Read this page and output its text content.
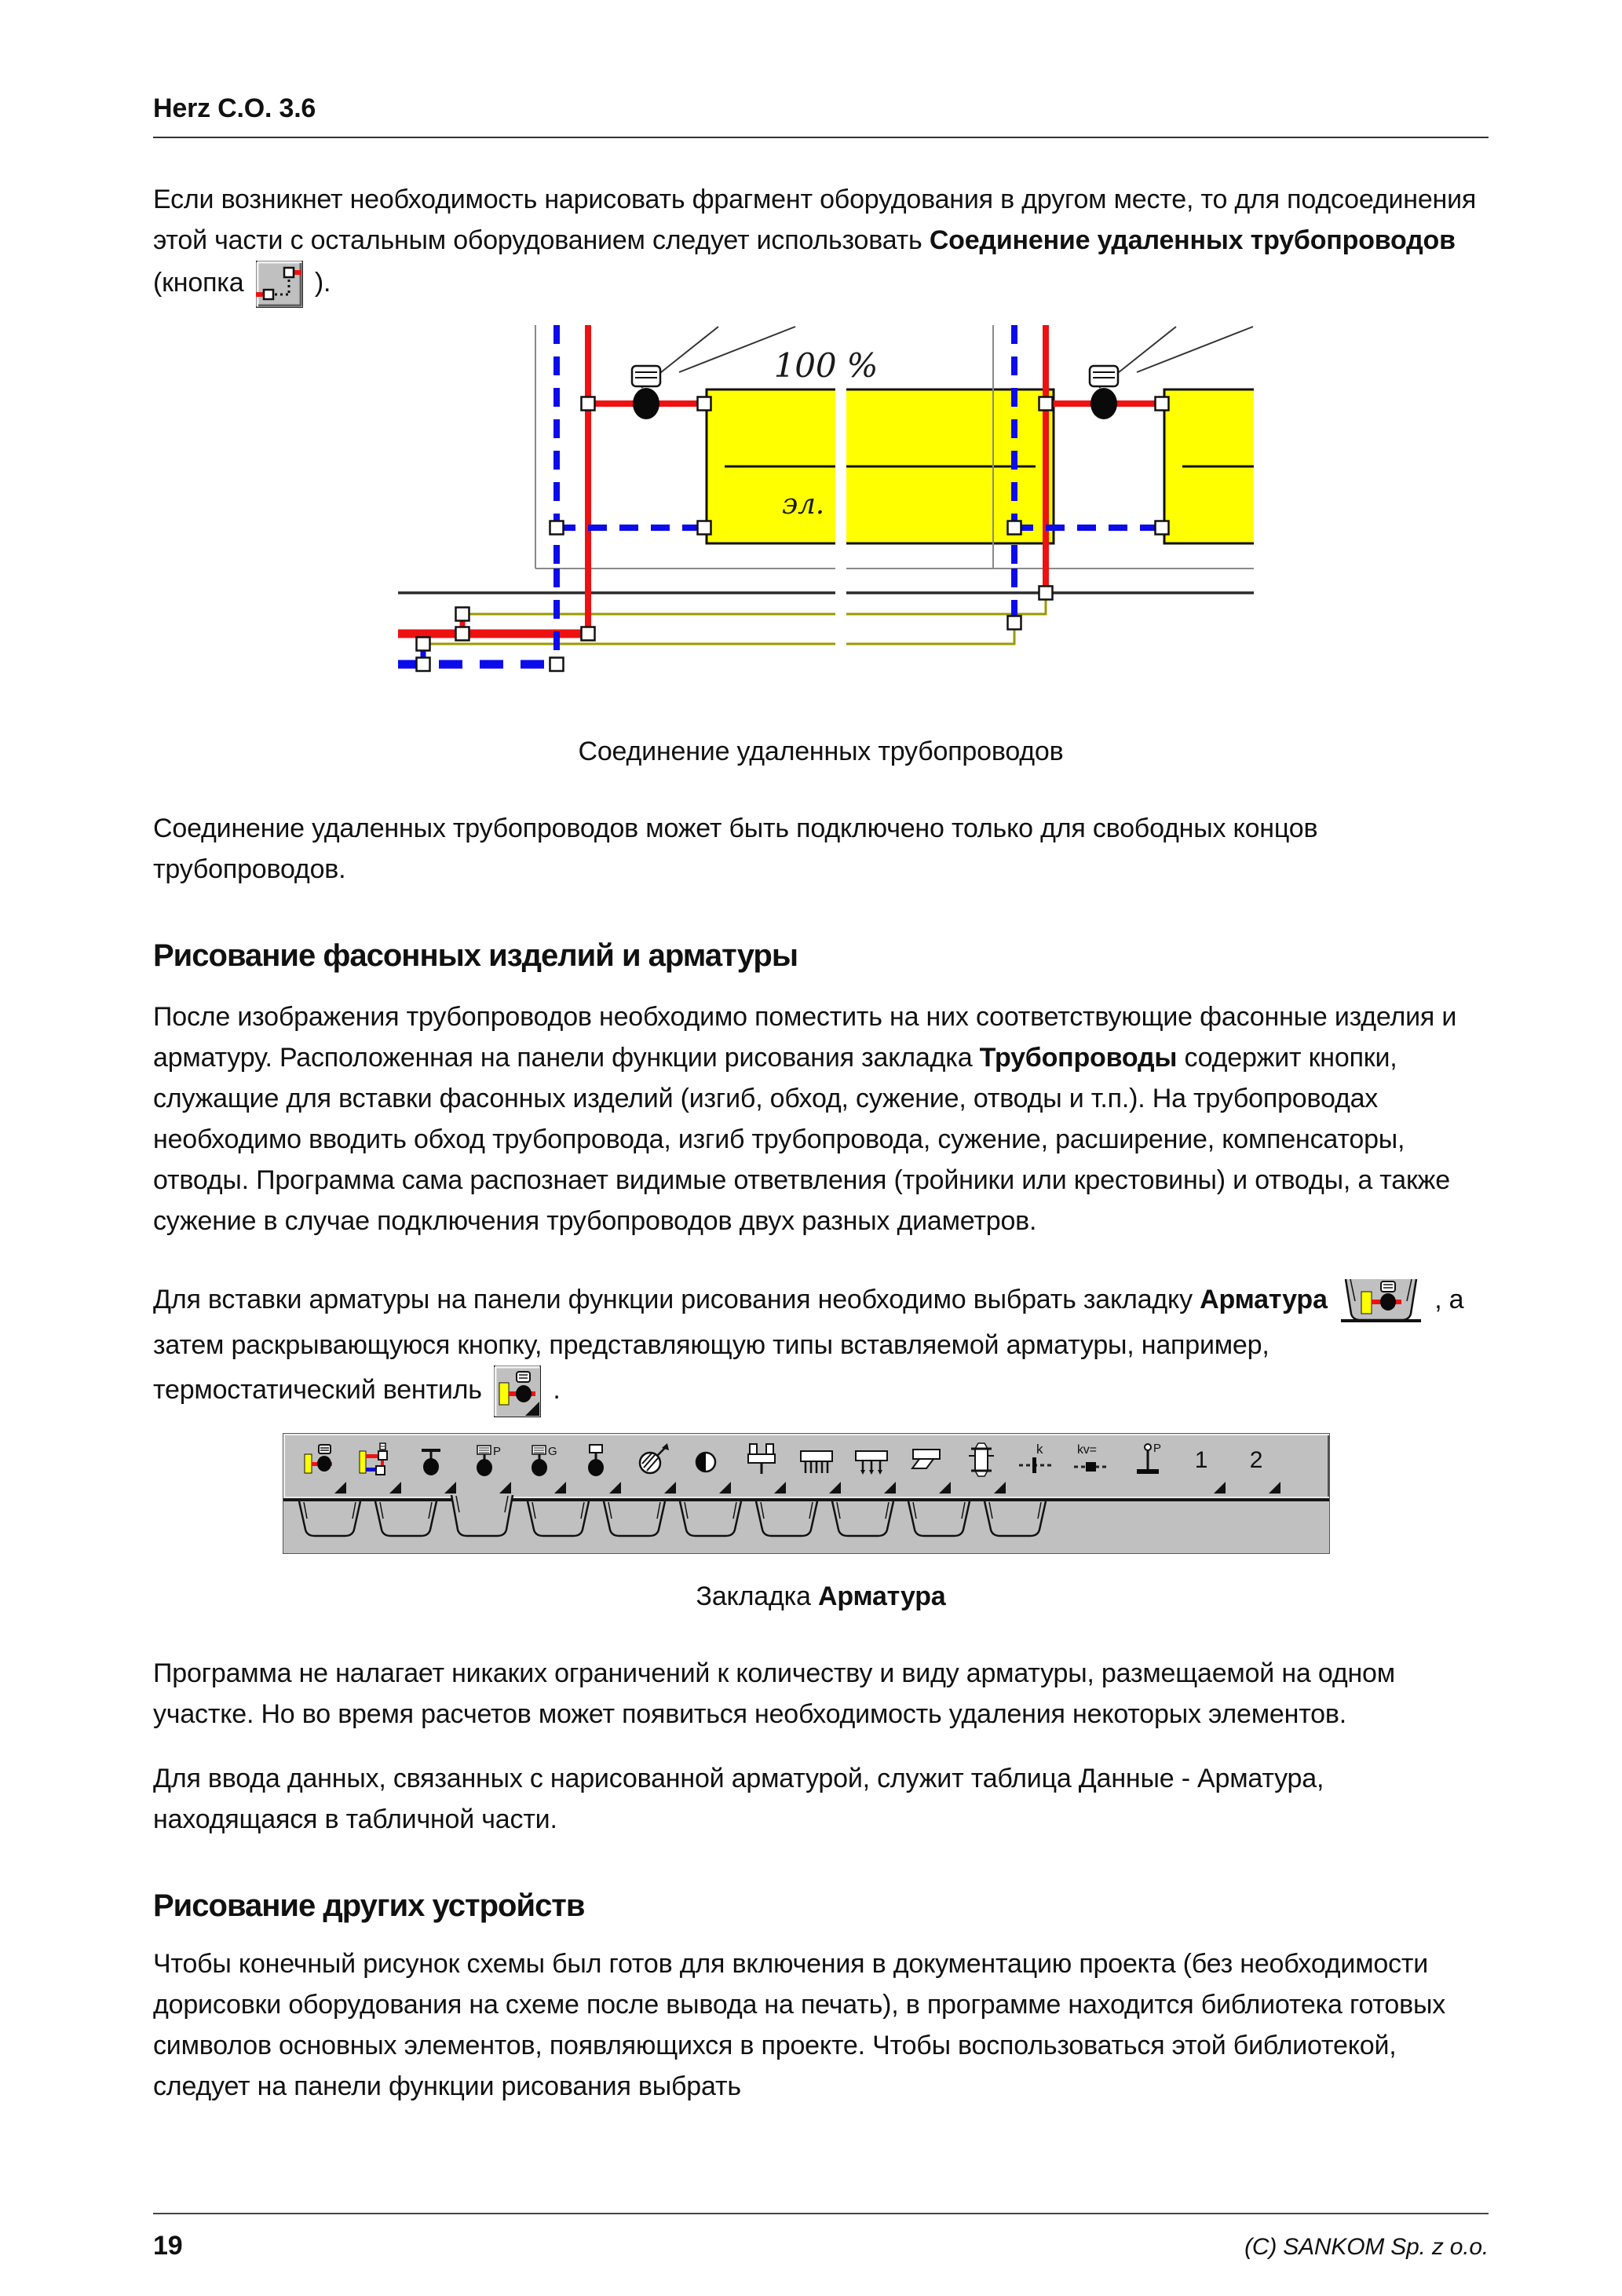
Herz C.O. 3.6

Если возникнет необходимость нарисовать фрагмент оборудования в другом месте, то для подсоединения этой части с остальным оборудованием следует использовать Соединение удаленных трубопроводов (кнопка  ).

100 %
эл.
Соединение удаленных трубопроводов

Соединение удаленных трубопроводов может быть подключено только для свободных концов трубопроводов.

Рисование фасонных изделий и арматуры

После изображения трубопроводов необходимо поместить на них соответствующие фасонные изделия и арматуру. Расположенная на панели функции рисования закладка Трубопроводы содержит кнопки, служащие для вставки фасонных изделий (изгиб, обход, сужение, отводы и т.п.). На трубопроводах необходимо вводить обход трубопровода, изгиб трубопровода, сужение, расширение, компенсаторы, отводы. Программа сама распознает видимые ответвления (тройники или крестовины) и отводы, а также сужение в случае подключения трубопроводов двух разных диаметров.

Для вставки арматуры на панели функции рисования необходимо выбрать закладку Арматура	, а затем раскрывающуюся кнопку, представляющую типы вставляемой арматуры, например, термостатический вентиль  .

P	G	k	kv=	P 1 2
Закладка Арматура

Программа не налагает никаких ограничений к количеству и виду арматуры, размещаемой на одном участке. Но во время расчетов может появиться необходимость удаления некоторых элементов.

Для ввода данных, связанных с нарисованной арматурой, служит таблица Данные - Арматура, находящаяся в табличной части.

Рисование других устройств

Чтобы конечный рисунок схемы был готов для включения в документацию проекта (без необходимости дорисовки оборудования на схеме после вывода на печать), в программе находится библиотека готовых символов основных элементов, появляющихся в проекте. Чтобы воспользоваться этой библиотекой, следует на панели функции рисования выбрать

19	(C) SANKOM Sp. z o.o.
